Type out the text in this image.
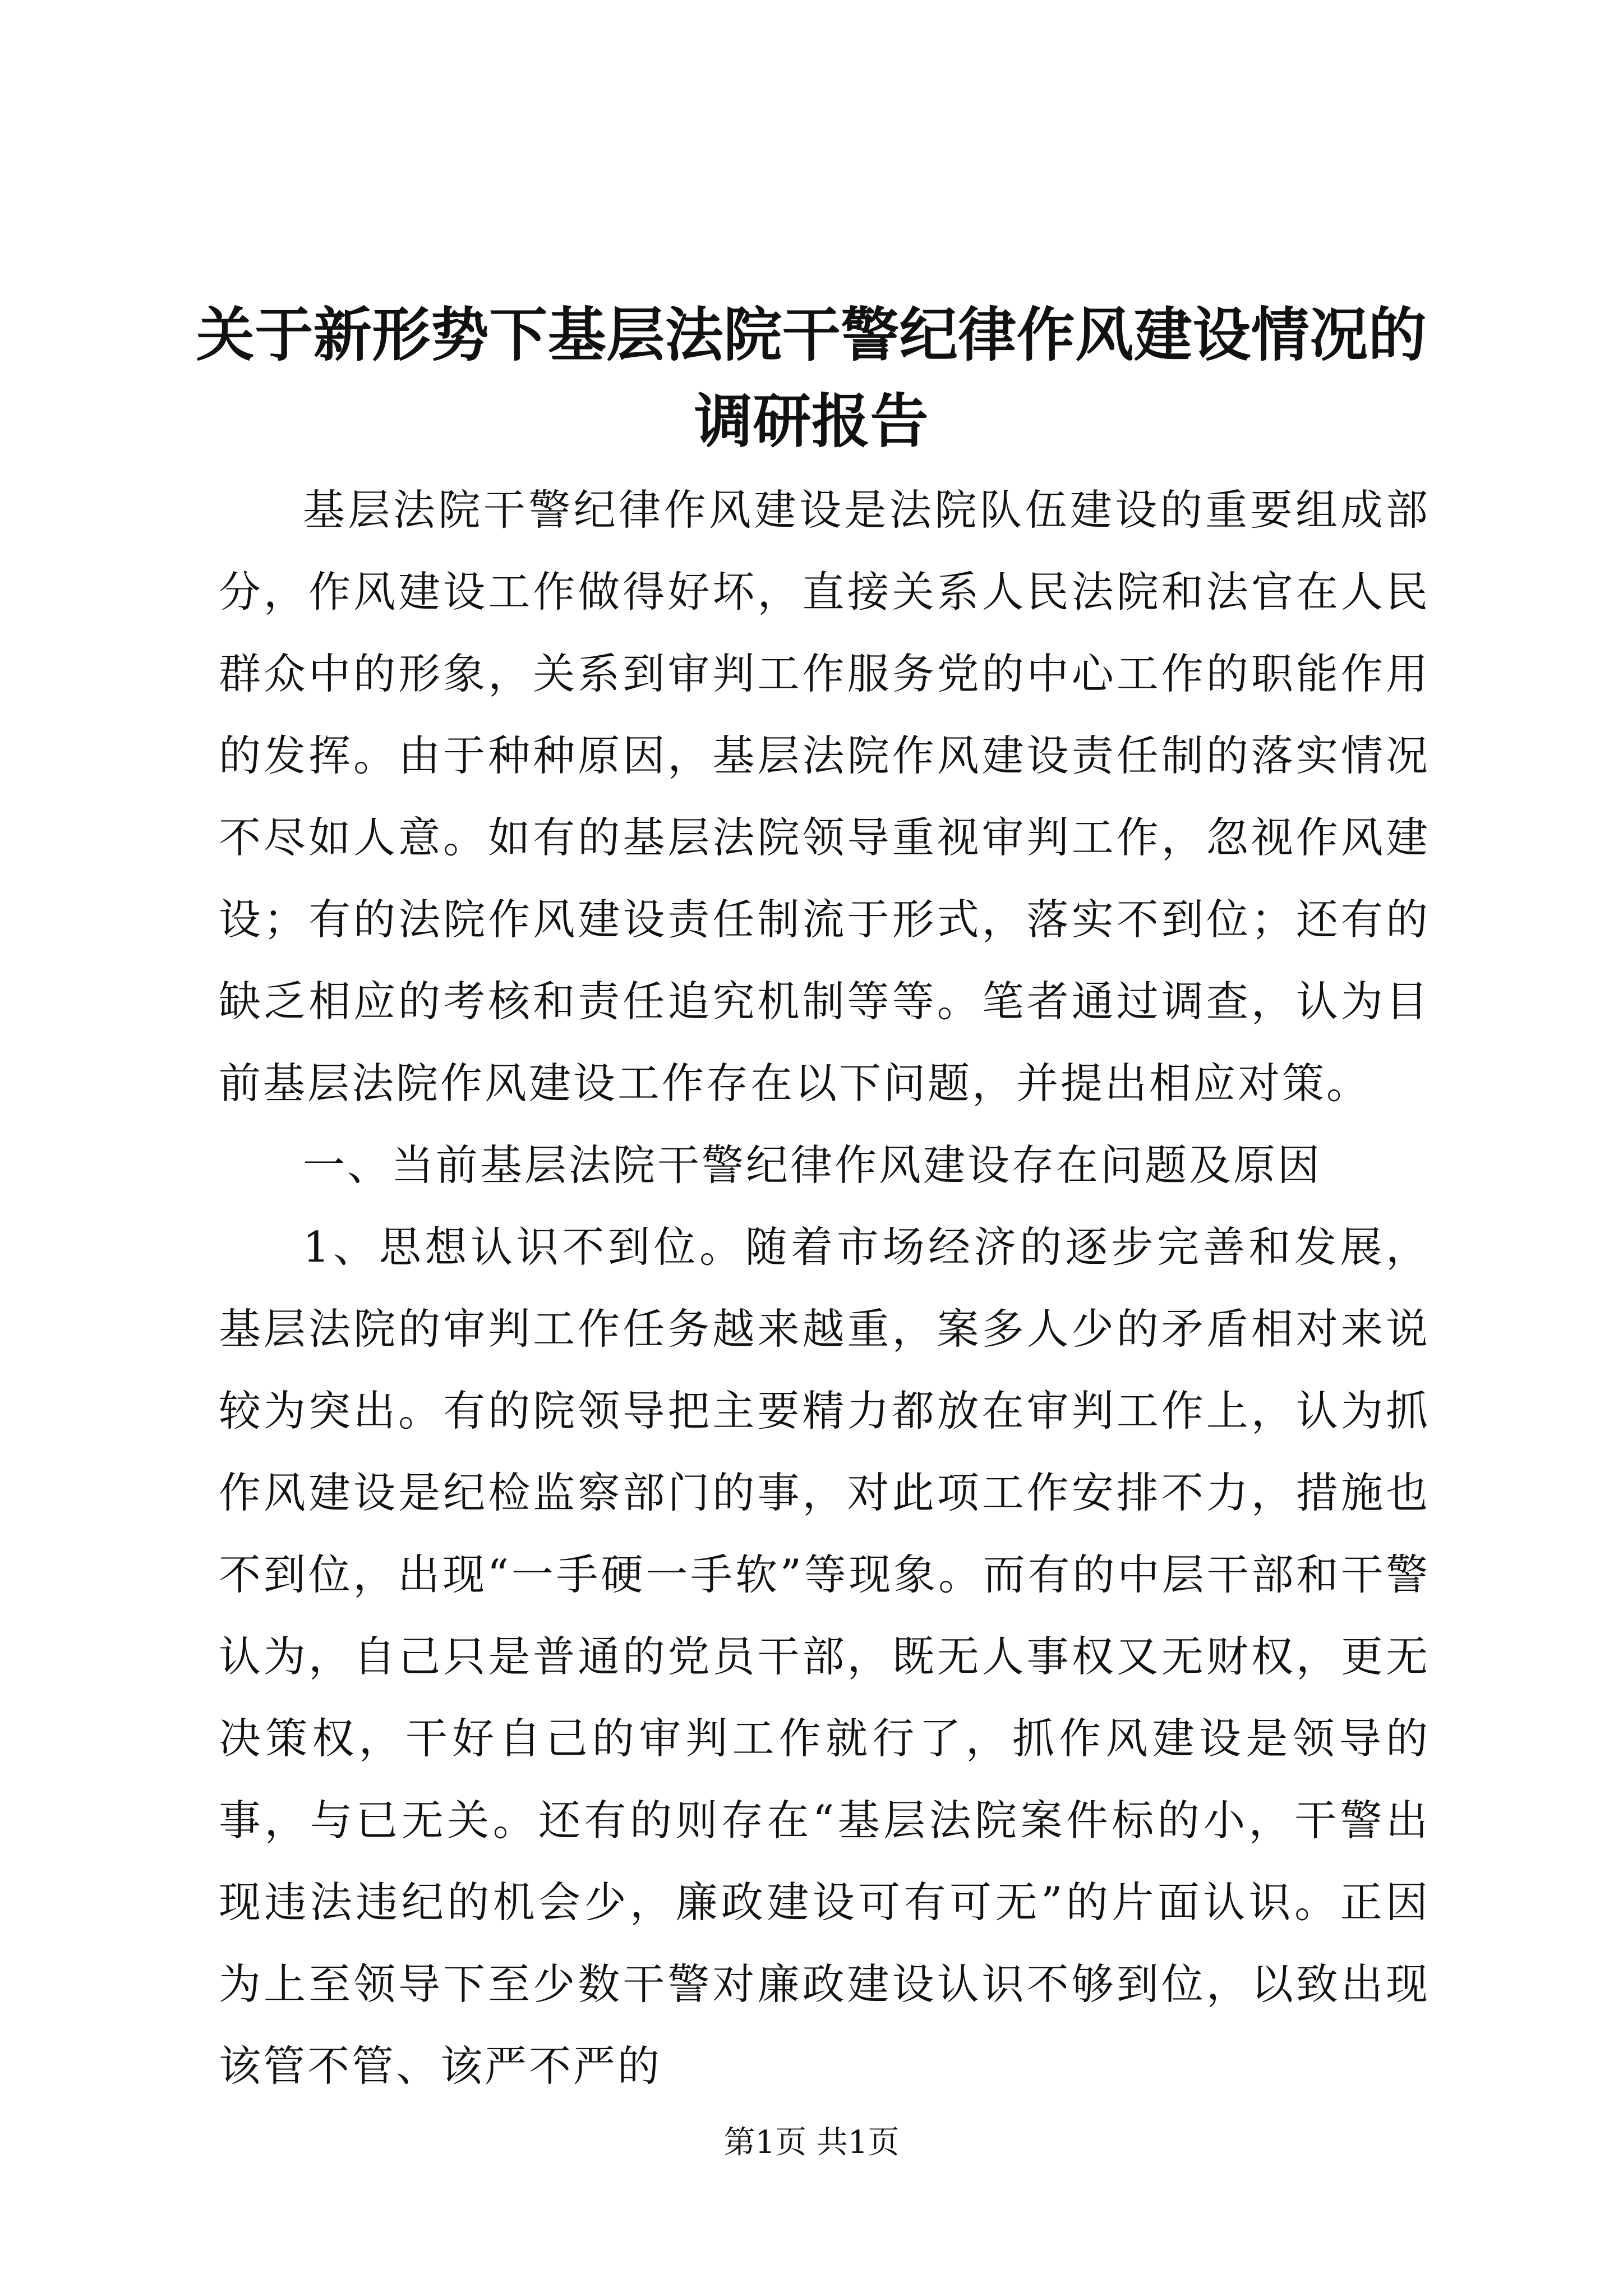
关于新形势下基层法院干警纪律作风建设情况的调研报告

基层法院干警纪律作风建设是法院队伍建设的重要组成部分，作风建设工作做得好坏，直接关系人民法院和法官在人民群众中的形象，关系到审判工作服务党的中心工作的职能作用的发挥。由于种种原因，基层法院作风建设责任制的落实情况不尽如人意。如有的基层法院领导重视审判工作，忽视作风建设；有的法院作风建设责任制流于形式，落实不到位；还有的缺乏相应的考核和责任追究机制等等。笔者通过调查，认为目前基层法院作风建设工作存在以下问题，并提出相应对策。

一、当前基层法院干警纪律作风建设存在问题及原因

1、思想认识不到位。随着市场经济的逐步完善和发展，基层法院的审判工作任务越来越重，案多人少的矛盾相对来说较为突出。有的院领导把主要精力都放在审判工作上，认为抓作风建设是纪检监察部门的事，对此项工作安排不力，措施也不到位，出现“一手硬一手软”等现象。而有的中层干部和干警认为，自己只是普通的党员干部，既无人事权又无财权，更无决策权，干好自己的审判工作就行了，抓作风建设是领导的事，与已无关。还有的则存在“基层法院案件标的小，干警出现违法违纪的机会少，廉政建设可有可无”的片面认识。正因为上至领导下至少数干警对廉政建设认识不够到位，以致出现该管不管、该严不严的

第1页 共1页
